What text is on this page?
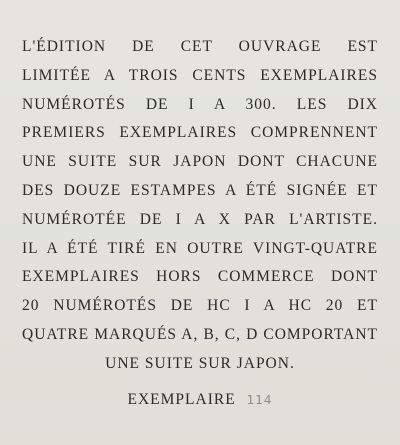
L'ÉDITION DE CET OUVRAGE EST
LIMITÉE A TROIS CENTS EXEMPLAIRES
NUMÉROTÉS DE I A 300. LES DIX
PREMIERS EXEMPLAIRES COMPRENNENT
UNE SUITE SUR JAPON DONT CHACUNE
DES DOUZE ESTAMPES A ÉTÉ SIGNÉE ET
NUMÉROTÉE DE I A X PAR L'ARTISTE.
IL A ÉTÉ TIRÉ EN OUTRE VINGT-QUATRE
EXEMPLAIRES HORS COMMERCE DONT
20 NUMÉROTÉS DE HC I A HC 20 ET
QUATRE MARQUÉS A, B, C, D COMPORTANT
UNE SUITE SUR JAPON.
EXEMPLAIRE 114
